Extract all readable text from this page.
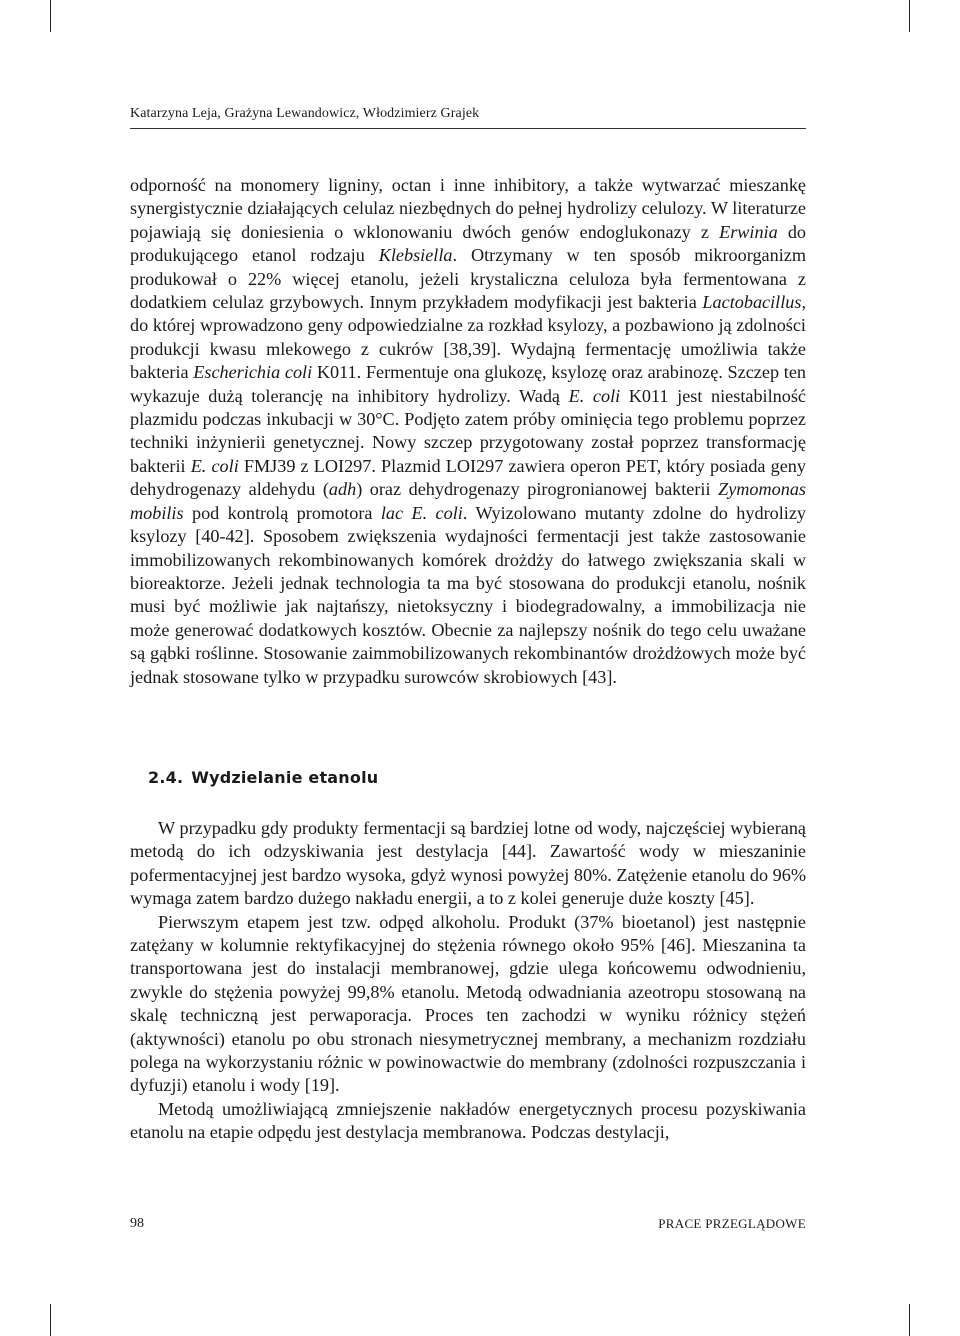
Katarzyna Leja, Grażyna Lewandowicz, Włodzimierz Grajek

odporność na monomery ligniny, octan i inne inhibitory, a także wytwarzać mieszankę synergistycznie działających celulaz niezbędnych do pełnej hydrolizy celulozy. W literaturze pojawiają się doniesienia o wklonowaniu dwóch genów endoglukonazy z Erwinia do produkującego etanol rodzaju Klebsiella. Otrzymany w ten sposób mikroorganizm produkował o 22% więcej etanolu, jeżeli krystaliczna celuloza była fermentowana z dodatkiem celulaz grzybowych. Innym przykładem modyfikacji jest bakteria Lactobacillus, do której wprowadzono geny odpowiedzialne za rozkład ksylozy, a pozbawiono ją zdolności produkcji kwasu mlekowego z cukrów [38,39]. Wydajną fermentację umożliwia także bakteria Escherichia coli K011. Fermentuje ona glukozę, ksylozę oraz arabinozę. Szczep ten wykazuje dużą tolerancję na inhibitory hydrolizy. Wadą E. coli K011 jest niestabilność plazmidu podczas inkubacji w 30°C. Podjęto zatem próby ominięcia tego problemu poprzez techniki inżynierii genetycznej. Nowy szczep przygotowany został poprzez transformację bakterii E. coli FMJ39 z LOI297. Plazmid LOI297 zawiera operon PET, który posiada geny dehydrogenazy aldehydu (adh) oraz dehydrogenazy pirogronianowej bakterii Zymomonas mobilis pod kontrolą promotora lac E. coli. Wyizolowano mutanty zdolne do hydrolizy ksylozy [40-42]. Sposobem zwiększenia wydajności fermentacji jest także zastosowanie immobilizowanych rekombinowanych komórek drożdży do łatwego zwiększania skali w bioreaktorze. Jeżeli jednak technologia ta ma być stosowana do produkcji etanolu, nośnik musi być możliwie jak najtańszy, nietoksyczny i biodegradowalny, a immobilizacja nie może generować dodatkowych kosztów. Obecnie za najlepszy nośnik do tego celu uważane są gąbki roślinne. Stosowanie zaimmobilizowanych rekombinantów drożdżowych może być jednak stosowane tylko w przypadku surowców skrobiowych [43].

2.4. Wydzielanie etanolu

W przypadku gdy produkty fermentacji są bardziej lotne od wody, najczęściej wybieraną metodą do ich odzyskiwania jest destylacja [44]. Zawartość wody w mieszaninie pofermentacyjnej jest bardzo wysoka, gdyż wynosi powyżej 80%. Zatężenie etanolu do 96% wymaga zatem bardzo dużego nakładu energii, a to z kolei generuje duże koszty [45].

Pierwszym etapem jest tzw. odpęd alkoholu. Produkt (37% bioetanol) jest następnie zatężany w kolumnie rektyfikacyjnej do stężenia równego około 95% [46]. Mieszanina ta transportowana jest do instalacji membranowej, gdzie ulega końcowemu odwodnieniu, zwykle do stężenia powyżej 99,8% etanolu. Metodą odwadniania azeotropu stosowaną na skalę techniczną jest perwaporacja. Proces ten zachodzi w wyniku różnicy stężeń (aktywności) etanolu po obu stronach niesymetrycznej membrany, a mechanizm rozdziału polega na wykorzystaniu różnic w powinowactwie do membrany (zdolności rozpuszczania i dyfuzji) etanolu i wody [19].

Metodą umożliwiającą zmniejszenie nakładów energetycznych procesu pozyskiwania etanolu na etapie odpędu jest destylacja membranowa. Podczas destylacji,

98	PRACE PRZEGLĄDOWE
